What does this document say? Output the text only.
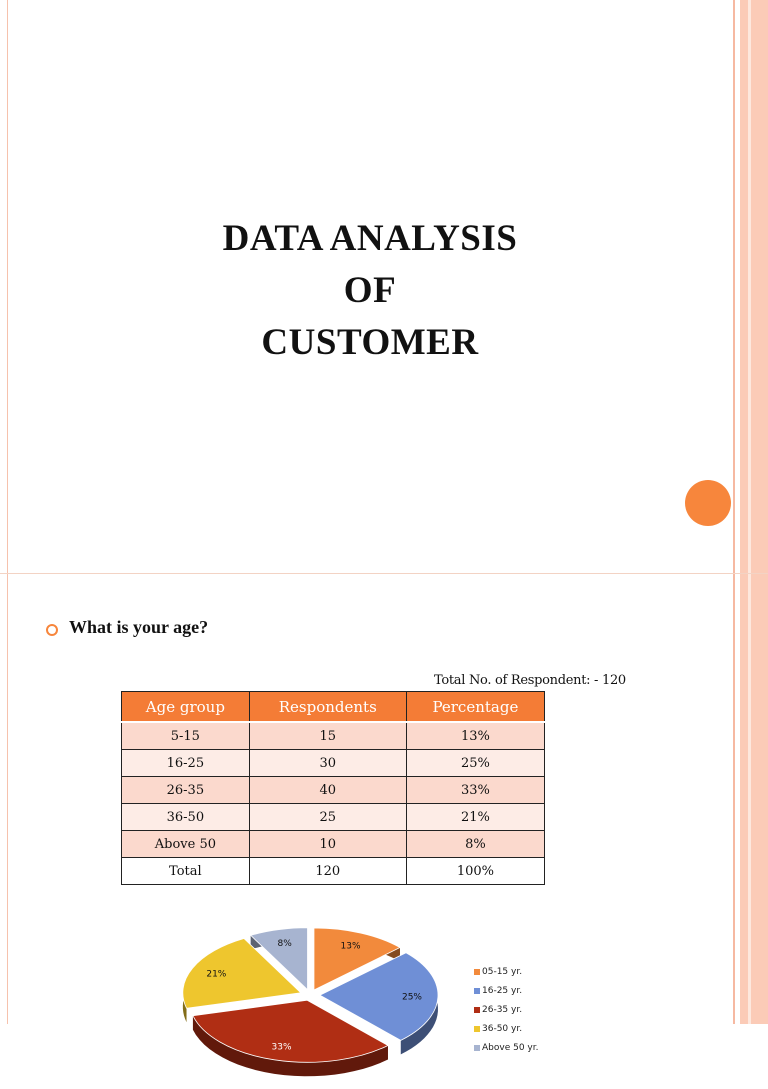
DATA ANALYSIS
OF
CUSTOMER
What is your age?
Total No. of Respondent: - 120
Age group	Respondents	Percentage
5-15	15	13%
16-25	30	25%
26-35	40	33%
36-50	25	21%
Above 50	10	8%
Total	120	100%
13%
25%
33%
21%
8%
05-15 yr.
16-25 yr.
26-35 yr.
36-50 yr.
Above 50 yr.
